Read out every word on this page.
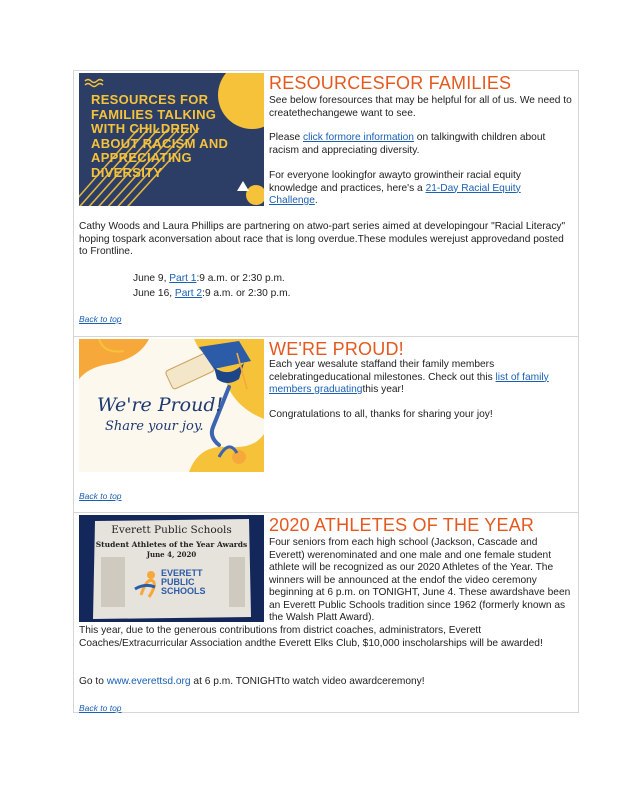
RESOURCES FOR FAMILIES TALKING WITH CHILDREN ABOUT RACISM AND APPRECIATING DIVERSITY
RESOURCESFOR FAMILIES

See below foresources that may be helpful for all of us. We need to createthechangewe want to see.

Please click formore information on talkingwith children about racism and appreciating diversity.

For everyone lookingfor awayto growintheir racial equity knowledge and practices, here's a 21-Day Racial Equity Challenge.

Cathy Woods and Laura Phillips are partnering on atwo-part series aimed at developingour "Racial Literacy" hoping tospark aconversation about race that is long overdue.These modules werejust approvedand posted to Frontline.

June 9, Part 1:9 a.m. or 2:30 p.m.
June 16, Part 2:9 a.m. or 2:30 p.m.
Back to top
We're Proud!
Share your joy.
WE'RE PROUD!

Each year wesalute staffand their family members celebratingeducational milestones. Check out this list of family members graduatingthis year!

Congratulations to all, thanks for sharing your joy!

Back to top
Everett Public Schools
Student Athletes of the Year Awards
June 4, 2020
EVERETT
PUBLIC
SCHOOLS
2020 ATHLETES OF THE YEAR

Four seniors from each high school (Jackson, Cascade and Everett) werenominated and one male and one female student athlete will be recognized as our 2020 Athletes of the Year. The winners will be announced at the endof the video ceremony beginning at 6 p.m. on TONIGHT, June 4. These awardshave been an Everett Public Schools tradition since 1962 (formerly known as the Walsh Platt Award).

This year, due to the generous contributions from district coaches, administrators, Everett Coaches/Extracurricular Association andthe Everett Elks Club, $10,000 inscholarships will be awarded!

Go to www.everettsd.org at 6 p.m. TONIGHTto watch video awardceremony!

Back to top
